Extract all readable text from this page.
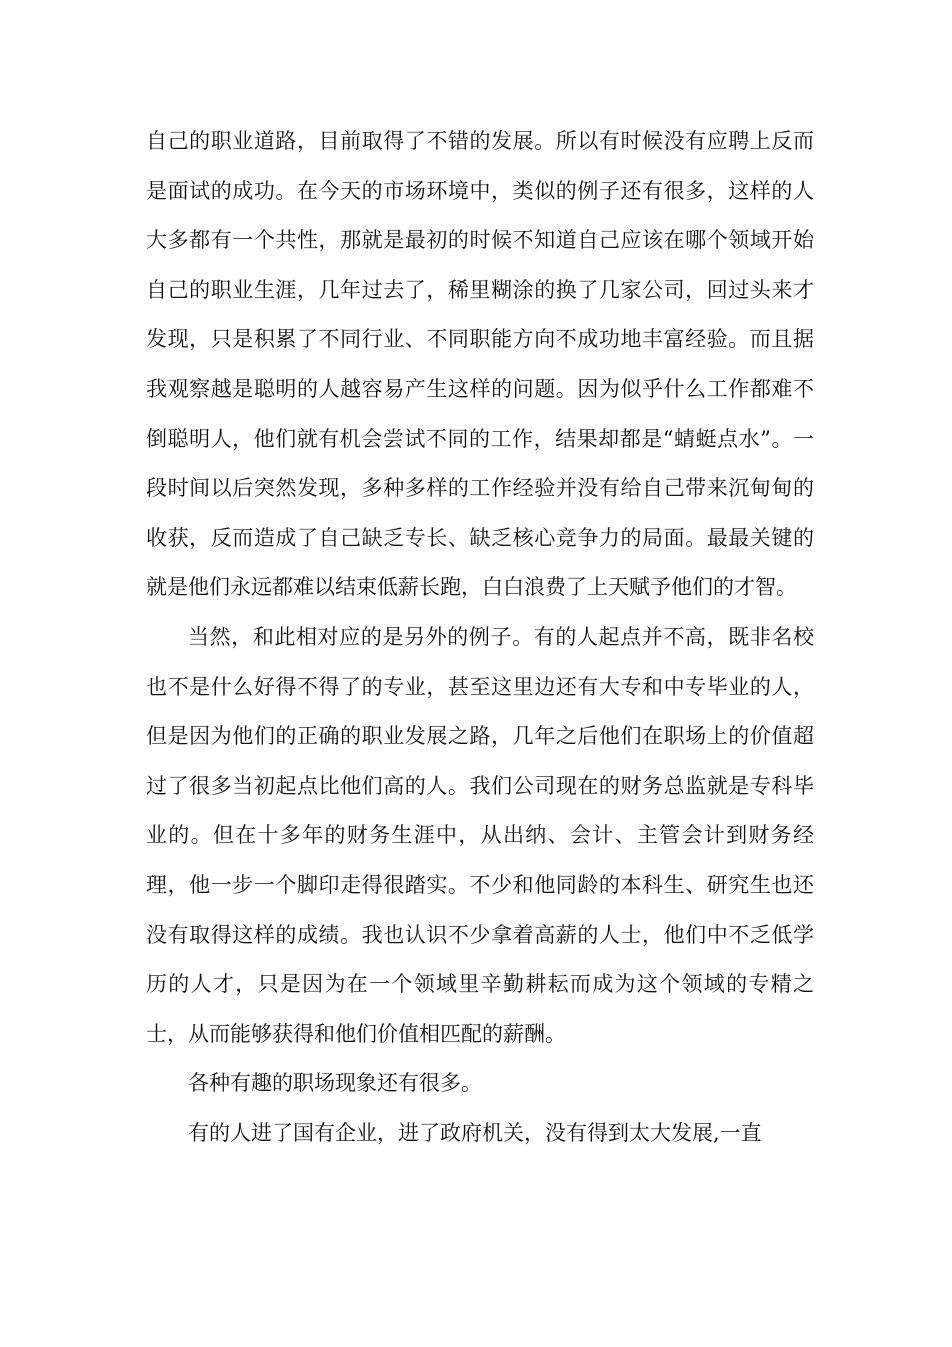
自己的职业道路，目前取得了不错的发展。所以有时候没有应聘上反而是面试的成功。在今天的市场环境中，类似的例子还有很多，这样的人大多都有一个共性，那就是最初的时候不知道自己应该在哪个领域开始自己的职业生涯，几年过去了，稀里糊涂的换了几家公司，回过头来才发现，只是积累了不同行业、不同职能方向不成功地丰富经验。而且据我观察越是聪明的人越容易产生这样的问题。因为似乎什么工作都难不倒聪明人，他们就有机会尝试不同的工作，结果却都是“蜻蜓点水”。一段时间以后突然发现，多种多样的工作经验并没有给自己带来沉甸甸的收获，反而造成了自己缺乏专长、缺乏核心竞争力的局面。最最关键的就是他们永远都难以结束低薪长跑，白白浪费了上天赋予他们的才智。

当然，和此相对应的是另外的例子。有的人起点并不高，既非名校也不是什么好得不得了的专业，甚至这里边还有大专和中专毕业的人，但是因为他们的正确的职业发展之路，几年之后他们在职场上的价值超过了很多当初起点比他们高的人。我们公司现在的财务总监就是专科毕业的。但在十多年的财务生涯中，从出纳、会计、主管会计到财务经理，他一步一个脚印走得很踏实。不少和他同龄的本科生、研究生也还没有取得这样的成绩。我也认识不少拿着高薪的人士，他们中不乏低学历的人才，只是因为在一个领域里辛勤耕耘而成为这个领域的专精之士，从而能够获得和他们价值相匹配的薪酬。

各种有趣的职场现象还有很多。

有的人进了国有企业，进了政府机关，没有得到太大发展,一直
